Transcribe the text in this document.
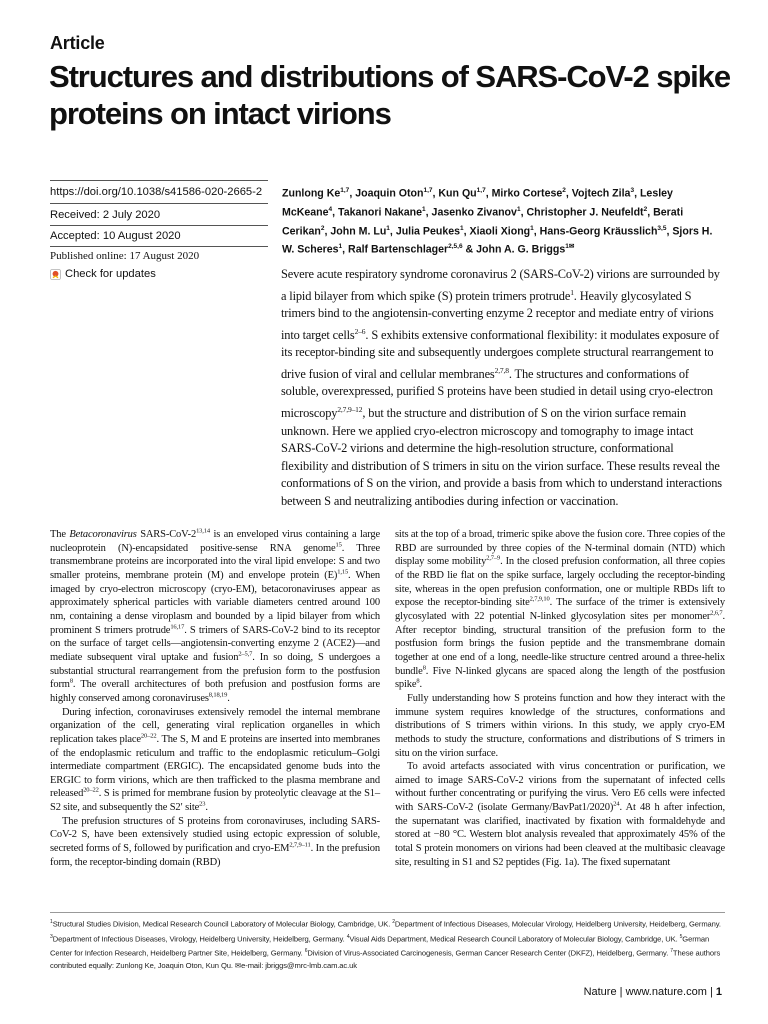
Article
Structures and distributions of SARS-CoV-2 spike proteins on intact virions
https://doi.org/10.1038/s41586-020-2665-2
Received: 2 July 2020
Accepted: 10 August 2020
Published online: 17 August 2020
Check for updates
Zunlong Ke$^{1,7}$, Joaquin Oton$^{1,7}$, Kun Qu$^{1,7}$, Mirko Cortese$^2$, Vojtech Zila$^3$, Lesley McKeane$^4$, Takanori Nakane$^1$, Jasenko Zivanov$^1$, Christopher J. Neufeldt$^2$, Berati Cerikan$^2$, John M. Lu$^1$, Julia Peukes$^1$, Xiaoli Xiong$^1$, Hans-Georg Kräusslich$^{3,5}$, Sjors H. W. Scheres$^1$, Ralf Bartenschlager$^{2,5,6}$ & John A. G. Briggs$^{1✉}$

Severe acute respiratory syndrome coronavirus 2 (SARS-CoV-2) virions are surrounded by a lipid bilayer from which spike (S) protein trimers protrude$^1$. Heavily glycosylated S trimers bind to the angiotensin-converting enzyme 2 receptor and mediate entry of virions into target cells$^{2-6}$. S exhibits extensive conformational flexibility: it modulates exposure of its receptor-binding site and subsequently undergoes complete structural rearrangement to drive fusion of viral and cellular membranes$^{2,7,8}$. The structures and conformations of soluble, overexpressed, purified S proteins have been studied in detail using cryo-electron microscopy$^{2,7,9-12}$, but the structure and distribution of S on the virion surface remain unknown. Here we applied cryo-electron microscopy and tomography to image intact SARS-CoV-2 virions and determine the high-resolution structure, conformational flexibility and distribution of S trimers in situ on the virion surface. These results reveal the conformations of S on the virion, and provide a basis from which to understand interactions between S and neutralizing antibodies during infection or vaccination.

The Betacoronavirus SARS-CoV-2$^{13,14}$ is an enveloped virus containing a large nucleoprotein (N)-encapsidated positive-sense RNA genome$^{15}$. Three transmembrane proteins are incorporated into the viral lipid envelope: S and two smaller proteins, membrane protein (M) and envelope protein $(E)^{1,15}$. When imaged by cryo-electron microscopy (cryo-EM), betacoronaviruses appear as approximately spherical particles with variable diameters centred around 100 nm, containing a dense viroplasm and bounded by a lipid bilayer from which prominent S trimers protrude$^{16,17}$. S trimers of SARS-CoV-2 bind to its receptor on the surface of target cells—angiotensin-converting enzyme 2 (ACE2)—and mediate subsequent viral uptake and fusion$^{2-5,7}$. In so doing, S undergoes a substantial structural rearrangement from the prefusion form to the postfusion form$^8$. The overall architectures of both prefusion and postfusion forms are highly conserved among coronaviruses$^{8,18,19}$.

During infection, coronaviruses extensively remodel the internal membrane organization of the cell, generating viral replication organelles in which replication takes place$^{20-22}$. The S, M and E proteins are inserted into membranes of the endoplasmic reticulum and traffic to the endoplasmic reticulum–Golgi intermediate compartment (ERGIC). The encapsidated genome buds into the ERGIC to form virions, which are then trafficked to the plasma membrane and released$^{20-22}$. S is primed for membrane fusion by proteolytic cleavage at the S1–S2 site, and subsequently the S2′ site$^{23}$.

The prefusion structures of S proteins from coronaviruses, including SARS-CoV-2 S, have been extensively studied using ectopic expression of soluble, secreted forms of S, followed by purification and cryo-EM$^{2,7,9-11}$. In the prefusion form, the receptor-binding domain (RBD)

sits at the top of a broad, trimeric spike above the fusion core. Three copies of the RBD are surrounded by three copies of the N-terminal domain (NTD) which display some mobility$^{2,7-9}$. In the closed prefusion conformation, all three copies of the RBD lie flat on the spike surface, largely occluding the receptor-binding site, whereas in the open prefusion conformation, one or multiple RBDs lift to expose the receptor-binding site$^{2,7,9,10}$. The surface of the trimer is extensively glycosylated with 22 potential N-linked glycosylation sites per monomer$^{2,6,7}$. After receptor binding, structural transition of the prefusion form to the postfusion form brings the fusion peptide and the transmembrane domain together at one end of a long, needle-like structure centred around a three-helix bundle$^8$. Five N-linked glycans are spaced along the length of the postfusion spike$^8$.

Fully understanding how S proteins function and how they interact with the immune system requires knowledge of the structures, conformations and distributions of S trimers within virions. In this study, we apply cryo-EM methods to study the structure, conformations and distributions of S trimers in situ on the virion surface.

To avoid artefacts associated with virus concentration or purification, we aimed to image SARS-CoV-2 virions from the supernatant of infected cells without further concentrating or purifying the virus. Vero E6 cells were infected with SARS-CoV-2 (isolate Germany/BavPat1/2020)$^{24}$. At 48 h after infection, the supernatant was clarified, inactivated by fixation with formaldehyde and stored at −80 °C. Western blot analysis revealed that approximately 45% of the total S protein monomers on virions had been cleaved at the multibasic cleavage site, resulting in S1 and S2 peptides (Fig. 1a). The fixed supernatant

$^1$Structural Studies Division, Medical Research Council Laboratory of Molecular Biology, Cambridge, UK. $^2$Department of Infectious Diseases, Molecular Virology, Heidelberg University, Heidelberg, Germany. $^3$Department of Infectious Diseases, Virology, Heidelberg University, Heidelberg, Germany. $^4$Visual Aids Department, Medical Research Council Laboratory of Molecular Biology, Cambridge, UK. $^5$German Center for Infection Research, Heidelberg Partner Site, Heidelberg, Germany. $^6$Division of Virus-Associated Carcinogenesis, German Cancer Research Center (DKFZ), Heidelberg, Germany. $^7$These authors contributed equally: Zunlong Ke, Joaquin Oton, Kun Qu. ✉e-mail: jbriggs@mrc-lmb.cam.ac.uk

Nature | www.nature.com | 1
